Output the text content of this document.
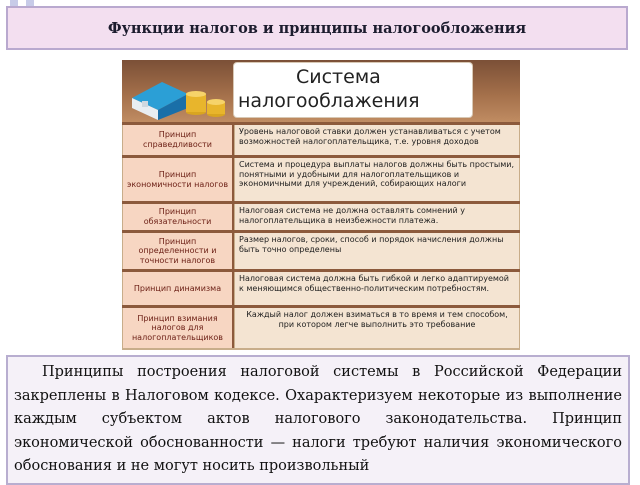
Функции налогов и принципы налогообложения
Система
налогооблажения
Принцип справедливости
Уровень налоговой ставки должен устанавливаться с учетом возможностей налогоплательщика, т.е. уровня доходов
Принцип экономичности налогов
Система и процедура выплаты налогов должны быть простыми, понятными и удобными для налогоплательщиков и экономичными для учреждений, собирающих налоги
Принцип обязательности
Налоговая система не должна оставлять сомнений у налогоплательщика в неизбежности платежа.
Принцип определенности и точности налогов
Размер налогов, сроки, способ и порядок начисления должны быть точно определены
Принцип динамизма
Налоговая система должна быть гибкой и легко адаптируемой к меняющимся общественно-политическим потребностям.
Принцип взимания налогов для налогоплательщиков
Каждый налог должен взиматься в то время и тем способом, при котором легче выполнить это требование

Принципы построения налоговой системы в Российской Федерации закреплены в Налоговом кодексе. Охарактеризуем некоторые из выполнение каждым субъектом актов налогового законодательства. Принцип экономической обоснованности — налоги требуют наличия экономического обоснования и не могут носить произвольный
